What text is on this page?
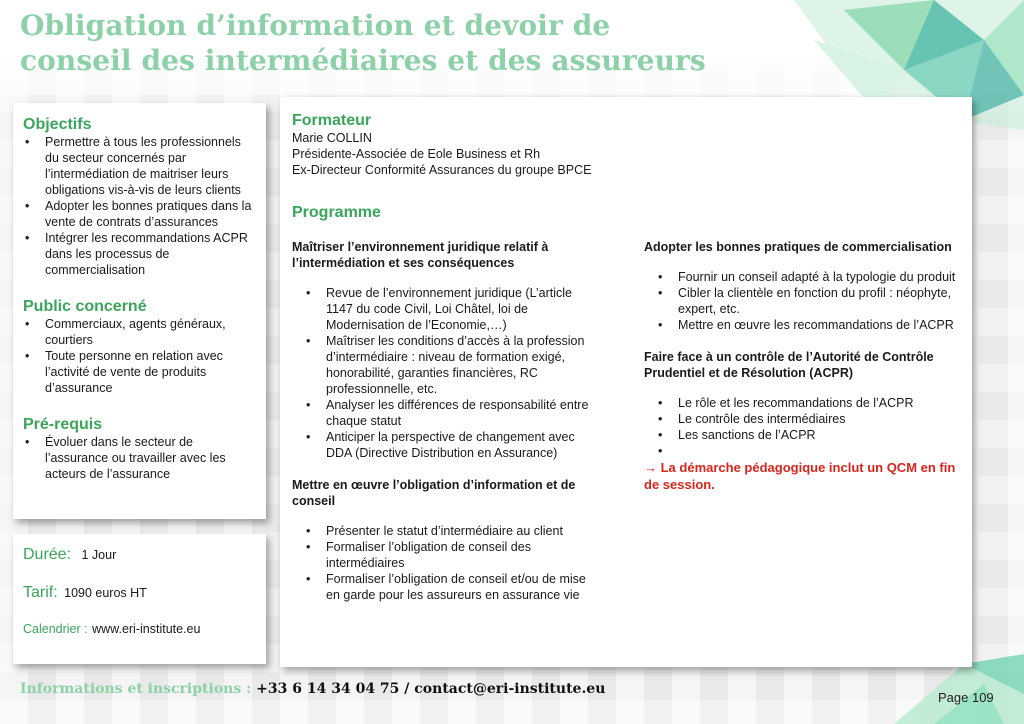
Obligation d’information et devoir de
conseil des intermédiaires et des assureurs
Objectifs
• Permettre à tous les professionnels du secteur concernés par l’intermédiation de maitriser leurs obligations vis-à-vis de leurs clients
• Adopter les bonnes pratiques dans la vente de contrats d’assurances
• Intégrer les recommandations ACPR dans les processus de commercialisation
Public concerné
• Commerciaux, agents généraux, courtiers
• Toute personne en relation avec l’activité de vente de produits d’assurance
Pré-requis
• Évoluer dans le secteur de l’assurance ou travailler avec les acteurs de l’assurance
Durée: 1 Jour
Tarif: 1090 euros HT
Calendrier : www.eri-institute.eu
Formateur
Marie COLLIN
Présidente-Associée de Eole Business et Rh
Ex-Directeur Conformité Assurances du groupe BPCE
Programme

Maîtriser l’environnement juridique relatif à l’intermédiation et ses conséquences

• Revue de l’environnement juridique (L’article 1147 du code Civil, Loi Châtel, loi de Modernisation de l’Economie,…)
• Maîtriser les conditions d’accès à la profession d’intermédiaire : niveau de formation exigé, honorabilité, garanties financières, RC professionnelle, etc.
• Analyser les différences de responsabilité entre chaque statut
• Anticiper la perspective de changement avec DDA (Directive Distribution en Assurance)

Mettre en œuvre l’obligation d’information et de conseil

• Présenter le statut d’intermédiaire au client
• Formaliser l’obligation de conseil des intermédiaires
• Formaliser l’obligation de conseil et/ou de mise en garde pour les assureurs en assurance vie

Adopter les bonnes pratiques de commercialisation

• Fournir un conseil adapté à la typologie du produit
• Cibler la clientèle en fonction du profil : néophyte, expert, etc.
• Mettre en œuvre les recommandations de l’ACPR

Faire face à un contrôle de l’Autorité de Contrôle Prudentiel et de Résolution (ACPR)

• Le rôle et les recommandations de l’ACPR
• Le contrôle des intermédiaires
• Les sanctions de l’ACPR
•

→ La démarche pédagogique inclut un QCM en fin de session.

Informations et inscriptions : +33 6 14 34 04 75 / contact@eri-institute.eu
Page 109
